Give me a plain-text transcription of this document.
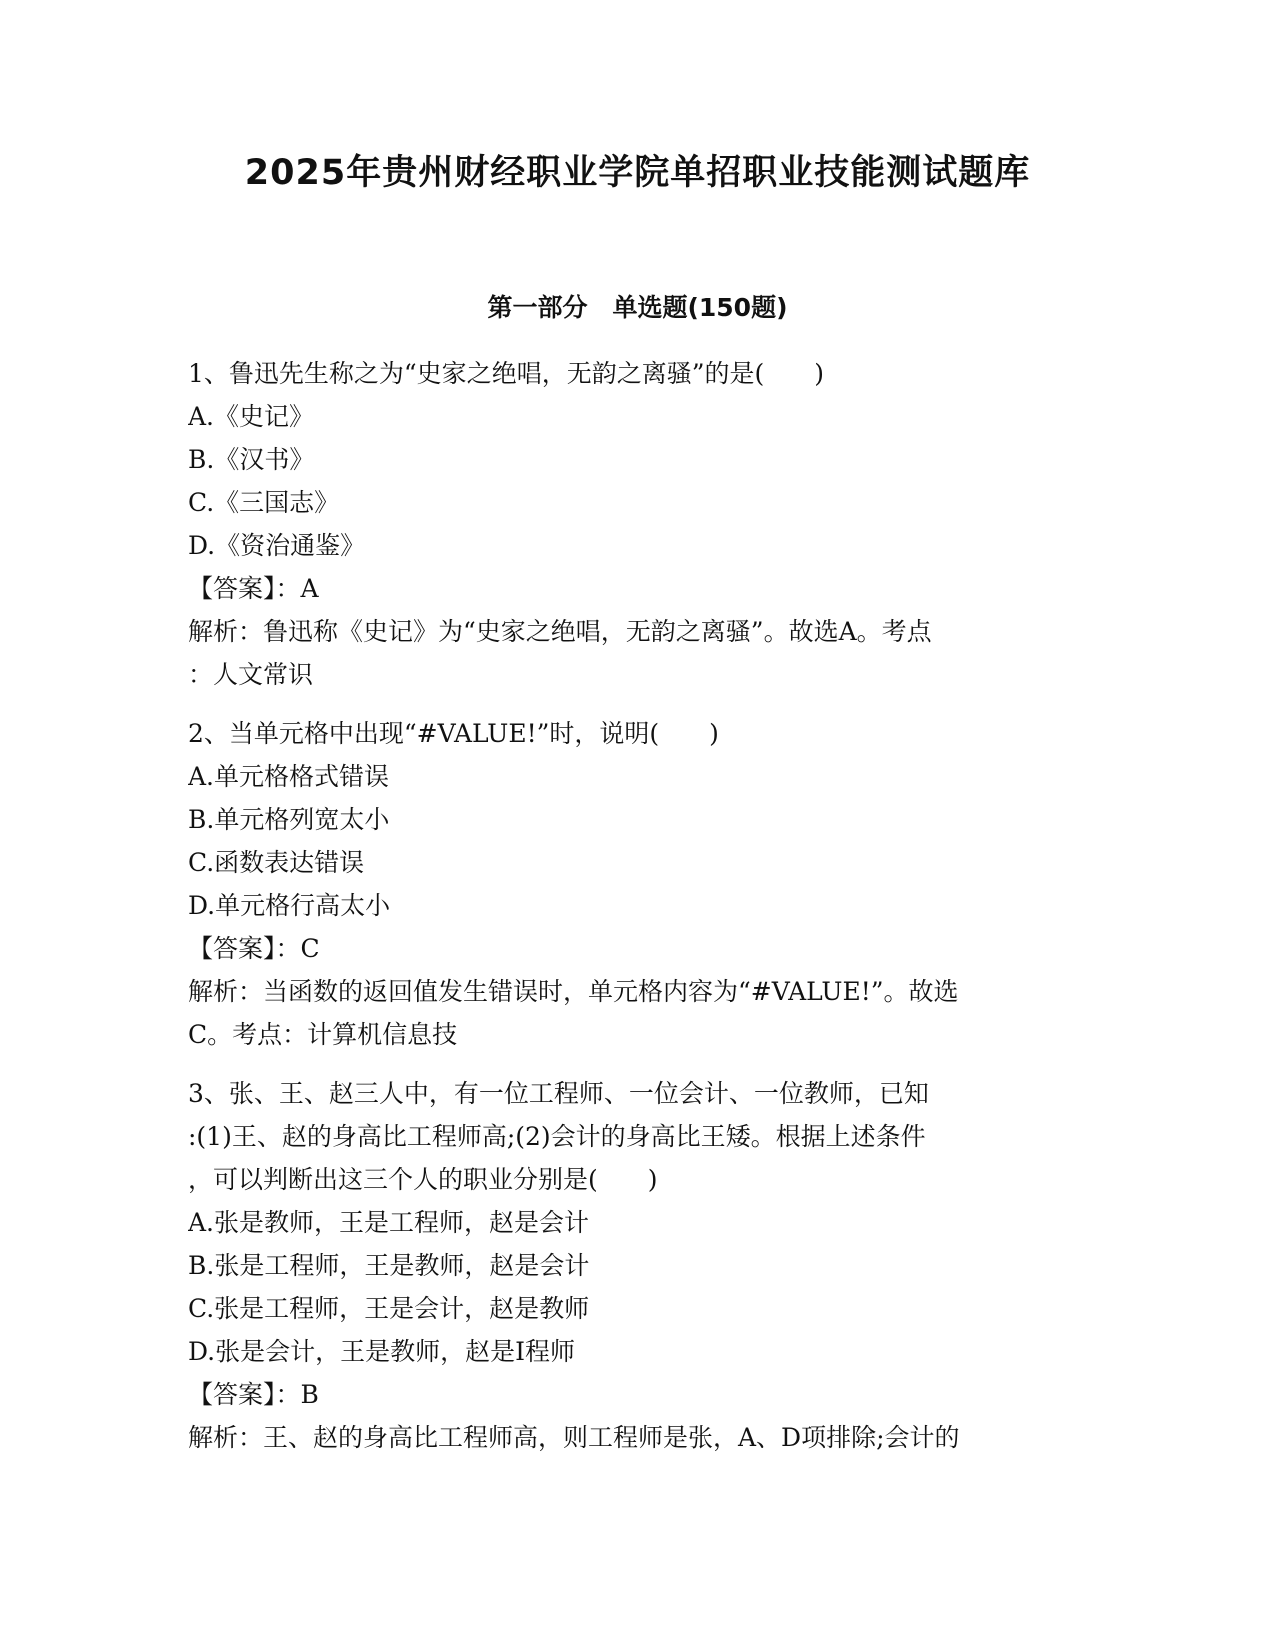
2025年贵州财经职业学院单招职业技能测试题库
第一部分　单选题(150题)
1、鲁迅先生称之为“史家之绝唱，无韵之离骚”的是(　　)
A.《史记》
B.《汉书》
C.《三国志》
D.《资治通鉴》
【答案】：A
解析：鲁迅称《史记》为“史家之绝唱，无韵之离骚”。故选A。考点
：人文常识
2、当单元格中出现“#VALUE!”时，说明(　　)
A.单元格格式错误
B.单元格列宽太小
C.函数表达错误
D.单元格行高太小
【答案】：C
解析：当函数的返回值发生错误时，单元格内容为“#VALUE!”。故选
C。考点：计算机信息技
3、张、王、赵三人中，有一位工程师、一位会计、一位教师，已知
:(1)王、赵的身高比工程师高;(2)会计的身高比王矮。根据上述条件
，可以判断出这三个人的职业分别是(　　)
A.张是教师，王是工程师，赵是会计
B.张是工程师，王是教师，赵是会计
C.张是工程师，王是会计，赵是教师
D.张是会计，王是教师，赵是I程师
【答案】：B
解析：王、赵的身高比工程师高，则工程师是张，A、D项排除;会计的
